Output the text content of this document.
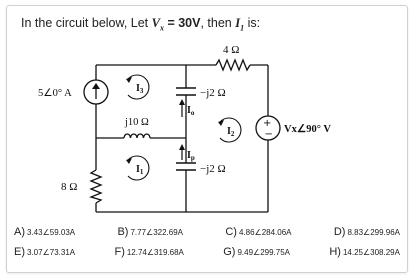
In the circuit below, Let $V_x = 30V$, then $I_1$ is:
4 Ω
−j2 Ω
$I_o$
5∠0° A
j10 Ω
−j2 Ω
$I_p$
8 Ω
+
− Vx∠90° V
$I_3$
$I_2$
$I_1$
A) 3.43∠59.03A	B) 7.77∠322.69A	C) 4.86∠284.06A	D) 8.83∠299.96A
E) 3.07∠73.31A	F) 12.74∠319.68A	G) 9.49∠299.75A	H) 14.25∠308.29A
